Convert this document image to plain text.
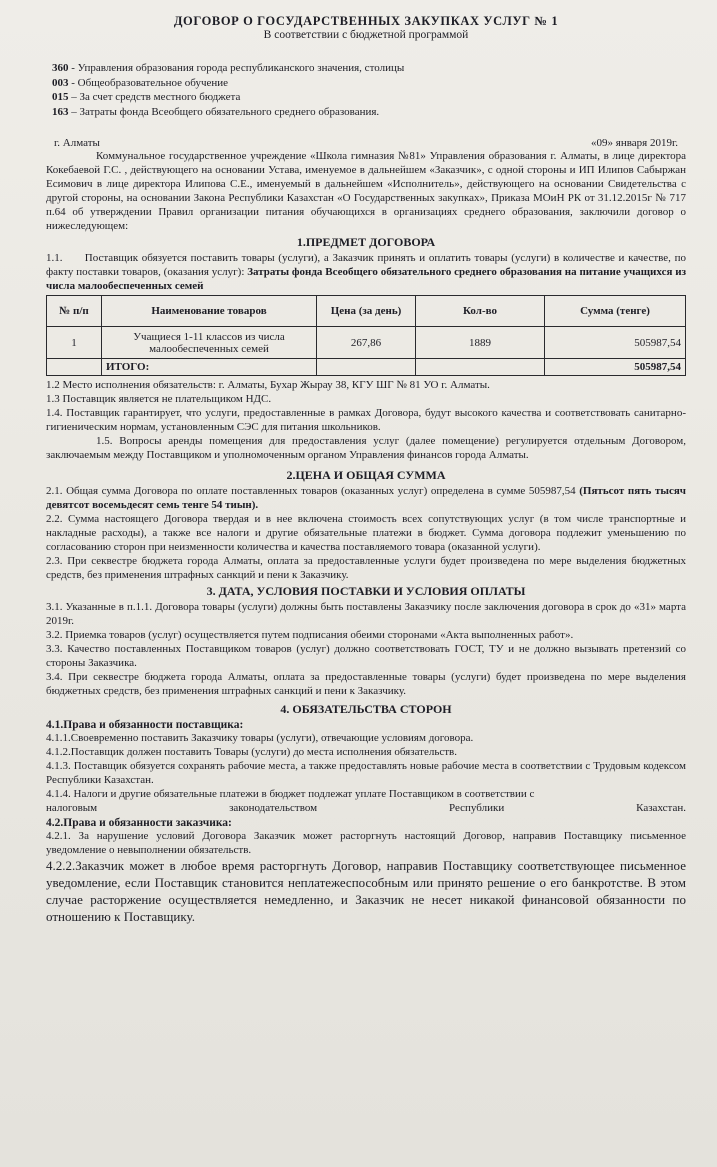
ДОГОВОР О ГОСУДАРСТВЕННЫХ ЗАКУПКАХ УСЛУГ № 1

В соответствии с бюджетной программой

360 - Управления образования города республиканского значения, столицы
003 - Общеобразовательное обучение
015 – За счет средств местного бюджета
163 – Затраты фонда Всеобщего обязательного среднего образования.
г. Алматы	«09» января 2019г.

Коммунальное государственное учреждение «Школа гимназия №81» Управления образования г. Алматы, в лице директора Кокебаевой Г.С. , действующего на основании Устава, именуемое в дальнейшем «Заказчик», с одной стороны и ИП Илипов Сабыржан Есимович в лице директора Илипова С.Е., именуемый в дальнейшем «Исполнитель», действующего на основании Свидетельства с другой стороны, на основании Закона Республики Казахстан «О Государственных закупках», Приказа МОиН РК от 31.12.2015г № 717 п.64 об утверждении Правил организации питания обучающихся в организациях среднего образования, заключили договор о нижеследующем:

1.ПРЕДМЕТ ДОГОВОРА

1.1. Поставщик обязуется поставить товары (услуги), а Заказчик принять и оплатить товары (услуги) в количестве и качестве, по факту поставки товаров, (оказания услуг): Затраты фонда Всеобщего обязательного среднего образования на питание учащихся из числа малообеспеченных семей

№ п/п	Наименование товаров	Цена (за день)	Кол-во	Сумма (тенге)
1	Учащиеся 1-11 классов из числа малообеспеченных семей	267,86	1889	505987,54
	ИТОГО:			505987,54

1.2 Место исполнения обязательств: г. Алматы, Бухар Жырау 38, КГУ ШГ № 81 УО г. Алматы.

1.3 Поставщик является не плательщиком НДС.

1.4. Поставщик гарантирует, что услуги, предоставленные в рамках Договора, будут высокого качества и соответствовать санитарно-гигиеническим нормам, установленным СЭС для питания школьников.

1.5. Вопросы аренды помещения для предоставления услуг (далее помещение) регулируется отдельным Договором, заключаемым между Поставщиком и уполномоченным органом Управления финансов города Алматы.

2.ЦЕНА И ОБЩАЯ СУММА

2.1. Общая сумма Договора по оплате поставленных товаров (оказанных услуг) определена в сумме 505987,54 (Пятьсот пять тысяч девятсот восемьдесят семь тенге 54 тиын).

2.2. Сумма настоящего Договора твердая и в нее включена стоимость всех сопутствующих услуг (в том числе транспортные и накладные расходы), а также все налоги и другие обязательные платежи в бюджет. Сумма договора подлежит уменьшению по согласованию сторон при неизменности количества и качества поставляемого товара (оказанной услуги).

2.3. При секвестре бюджета города Алматы, оплата за предоставленные услуги будет произведена по мере выделения бюджетных средств, без применения штрафных санкций и пени к Заказчику.

3. ДАТА, УСЛОВИЯ ПОСТАВКИ И УСЛОВИЯ ОПЛАТЫ

3.1. Указанные в п.1.1. Договора товары (услуги) должны быть поставлены Заказчику после заключения договора в срок до «31» марта 2019г.

3.2. Приемка товаров (услуг) осуществляется путем подписания обеими сторонами «Акта выполненных работ».

3.3. Качество поставленных Поставщиком товаров (услуг) должно соответствовать ГОСТ, ТУ и не должно вызывать претензий со стороны Заказчика.

3.4. При секвестре бюджета города Алматы, оплата за предоставленные товары (услуги) будет произведена по мере выделения бюджетных средств, без применения штрафных санкций и пени к Заказчику.

4. ОБЯЗАТЕЛЬСТВА СТОРОН

4.1.Права и обязанности поставщика:

4.1.1.Своевременно поставить Заказчику товары (услуги), отвечающие условиям договора.

4.1.2.Поставщик должен поставить Товары (услуги) до места исполнения обязательств.

4.1.3. Поставщик обязуется сохранять рабочие места, а также предоставлять новые рабочие места в соответствии с Трудовым кодексом Республики Казахстан.

4.1.4. Налоги и другие обязательные платежи в бюджет подлежат уплате Поставщиком в соответствии с

налоговым	законодательством	Республики	Казахстан.

4.2.Права и обязанности заказчика:

4.2.1. За нарушение условий Договора Заказчик может расторгнуть настоящий Договор, направив Поставщику письменное уведомление о невыполнении обязательств.

4.2.2.Заказчик может в любое время расторгнуть Договор, направив Поставщику соответствующее письменное уведомление, если Поставщик становится неплатежеспособным или принято решение о его банкротстве. В этом случае расторжение осуществляется немедленно, и Заказчик не несет никакой финансовой обязанности по отношению к Поставщику.
